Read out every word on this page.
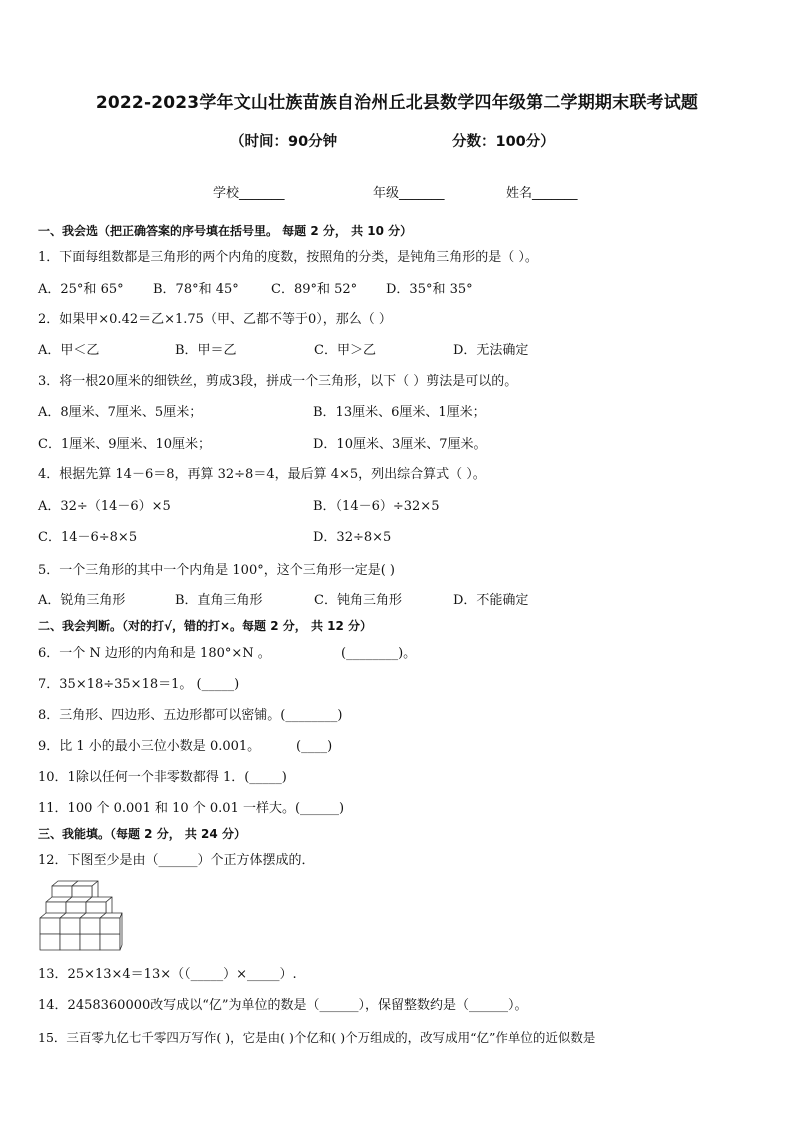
2022-2023学年文山壮族苗族自治州丘北县数学四年级第二学期期末联考试题
（时间：90分钟	分数：100分）
学校_______	年级_______	姓名_______
一、我会选（把正确答案的序号填在括号里。 每题 2 分， 共 10 分）
1．下面每组数都是三角形的两个内角的度数，按照角的分类，是钝角三角形的是（ ）。
A．25°和 65° B．78°和 45° C．89°和 52° D．35°和 35°
2．如果甲×0.42＝乙×1.75（甲、乙都不等于0），那么（ ）
A．甲＜乙	B．甲＝乙	C．甲＞乙	D．无法确定
3．将一根20厘米的细铁丝，剪成3段，拼成一个三角形，以下（ ）剪法是可以的。
A．8厘米、7厘米、5厘米；	B．13厘米、6厘米、1厘米；
C．1厘米、9厘米、10厘米；	D．10厘米、3厘米、7厘米。
4．根据先算 14－6＝8，再算 32÷8＝4，最后算 4×5，列出综合算式（ ）。
A．32÷（14－6）×5	B．（14－6）÷32×5
C．14－6÷8×5	D．32÷8×5
5．一个三角形的其中一个内角是 100°，这个三角形一定是( )
A．锐角三角形	B．直角三角形	C．钝角三角形	D．不能确定
二、我会判断。（对的打√，错的打×。每题 2 分， 共 12 分）
6．一个 N 边形的内角和是 180°×N 。	(________)。
7．35×18÷35×18＝1。 (_____)
8．三角形、四边形、五边形都可以密铺。(________)
9．比 1 小的最小三位小数是 0.001。	(____)
10．1除以任何一个非零数都得 1．(_____)
11．100 个 0.001 和 10 个 0.01 一样大。(______)
三、我能填。（每题 2 分， 共 24 分）
12．下图至少是由（______）个正方体摆成的．
13．25×13×4＝13×（（_____）×_____）.
14．2458360000改写成以“亿”为单位的数是（______），保留整数约是（______）。
15．三百零九亿七千零四万写作( )，它是由( )个亿和( )个万组成的，改写成用“亿”作单位的近似数是
